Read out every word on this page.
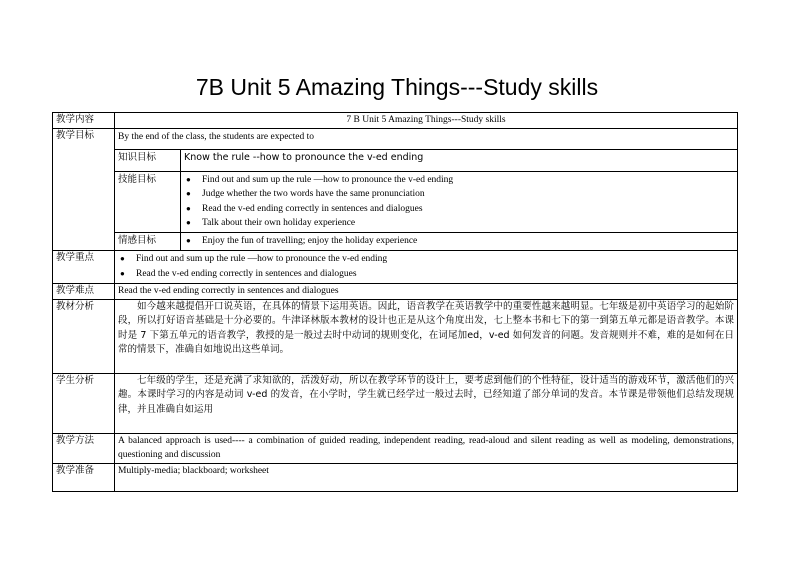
7B Unit 5 Amazing Things---Study skills
教学内容	7 B Unit 5 Amazing Things---Study skills
教学目标	By the end of the class, the students are expected to
知识目标	Know the rule --how to pronounce the v-ed ending
技能目标	
●Find out and sum up the rule —how to pronounce the v-ed ending
● Judge whether the two words have the same pronunciation
● Read the v-ed ending correctly in sentences and dialogues
● Talk about their own holiday experience

情感目标	
●Enjoy the fun of travelling; enjoy the holiday experience

教学重点	
●Find out and sum up the rule —how to pronounce the v-ed ending
● Read the v-ed ending correctly in sentences and dialogues

教学难点	Read the v-ed ending correctly in sentences and dialogues
教材分析	如今越来越提倡开口说英语，在具体的情景下运用英语。因此，语音教学在英语教学中的重要性越来越明显。七年级是初中英语学习的起始阶段，所以打好语音基础是十分必要的。牛津译林版本教材的设计也正是从这个角度出发，七上整本书和七下的第一到第五单元都是语音教学。本课时是 7 下第五单元的语音教学，教授的是一般过去时中动词的规则变化，在词尾加ed，v-ed 如何发音的问题。发音规则并不难，难的是如何在日常的情景下，准确自如地说出这些单词。
学生分析	七年级的学生，还是充满了求知欲的，活泼好动，所以在教学环节的设计上，要考虑到他们的个性特征，设计适当的游戏环节，激活他们的兴趣。本课时学习的内容是动词 v-ed 的发音，在小学时，学生就已经学过一般过去时，已经知道了部分单词的发音。本节课是带领他们总结发现规律，并且准确自如运用
教学方法	A balanced approach is used---- a combination of guided reading, independent reading, read-aloud and silent reading as well as modeling, demonstrations, questioning and discussion
教学准备	Multiply-media; blackboard; worksheet
